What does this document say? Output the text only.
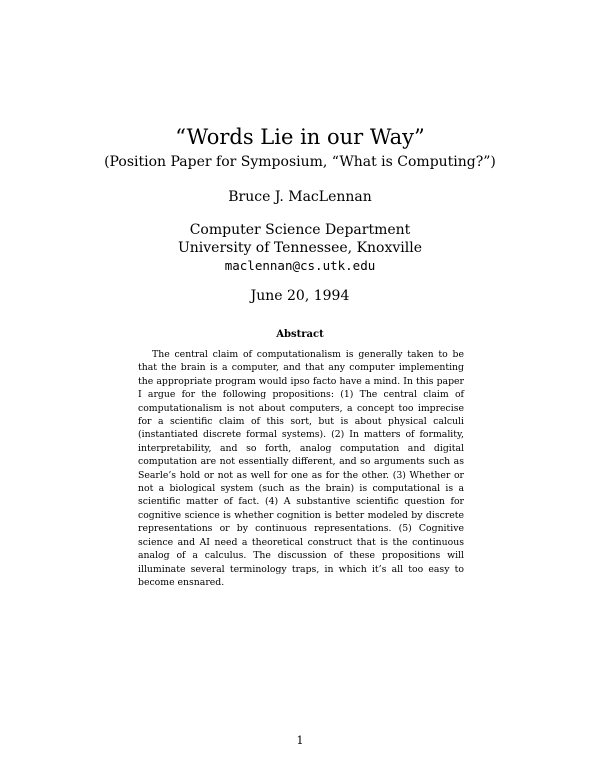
“Words Lie in our Way”
(Position Paper for Symposium, “What is Computing?”)
Bruce J. MacLennan
Computer Science Department
University of Tennessee, Knoxville
maclennan@cs.utk.edu
June 20, 1994
Abstract

The central claim of computationalism is generally taken to be that the brain is a computer, and that any computer implementing the appropriate program would ipso facto have a mind. In this paper I argue for the following propositions: (1) The central claim of computationalism is not about computers, a concept too imprecise for a scientific claim of this sort, but is about physical calculi (instantiated discrete formal systems). (2) In matters of formality, interpretability, and so forth, analog computation and digital computation are not essentially different, and so arguments such as Searle’s hold or not as well for one as for the other. (3) Whether or not a biological system (such as the brain) is computational is a scientific matter of fact. (4) A substantive scientific question for cognitive science is whether cognition is better modeled by discrete representations or by continuous representations. (5) Cognitive science and AI need a theoretical construct that is the continuous analog of a calculus. The discussion of these propositions will illuminate several terminology traps, in which it’s all too easy to become ensnared.

1
